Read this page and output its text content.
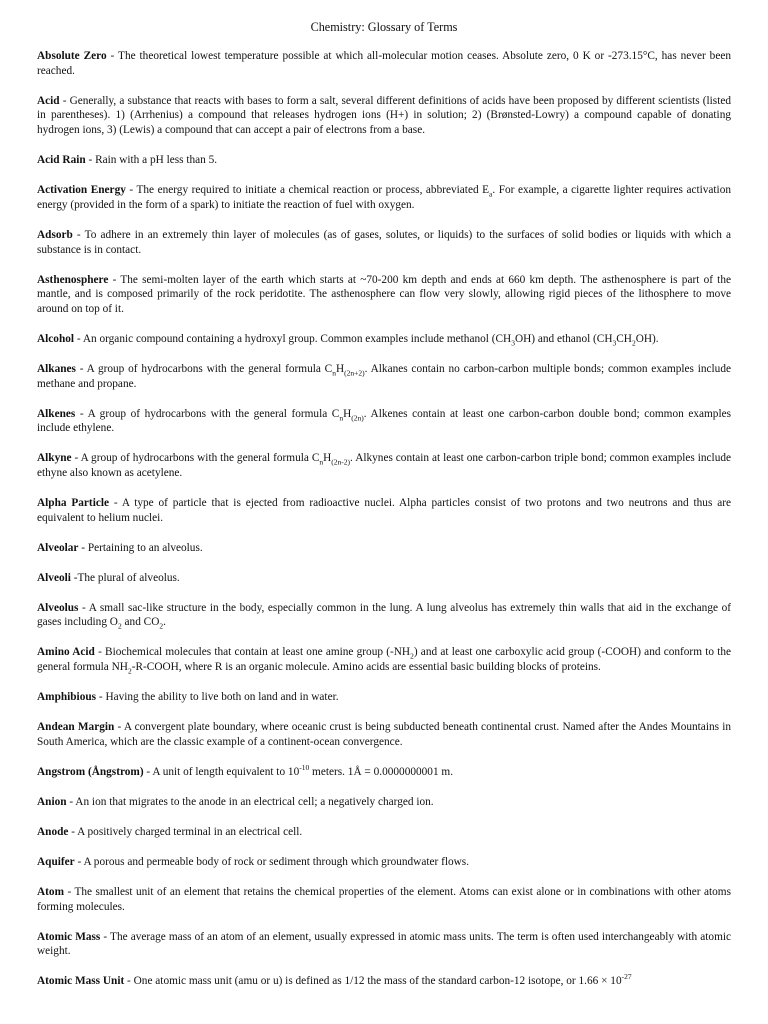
Chemistry: Glossary of Terms

Absolute Zero - The theoretical lowest temperature possible at which all-molecular motion ceases. Absolute zero, 0 K or -273.15°C, has never been reached.

Acid - Generally, a substance that reacts with bases to form a salt, several different definitions of acids have been proposed by different scientists (listed in parentheses). 1) (Arrhenius) a compound that releases hydrogen ions (H+) in solution; 2) (Brønsted-Lowry) a compound capable of donating hydrogen ions, 3) (Lewis) a compound that can accept a pair of electrons from a base.

Acid Rain - Rain with a pH less than 5.

Activation Energy - The energy required to initiate a chemical reaction or process, abbreviated $E_a$. For example, a cigarette lighter requires activation energy (provided in the form of a spark) to initiate the reaction of fuel with oxygen.

Adsorb - To adhere in an extremely thin layer of molecules (as of gases, solutes, or liquids) to the surfaces of solid bodies or liquids with which a substance is in contact.

Asthenosphere - The semi-molten layer of the earth which starts at ~70-200 km depth and ends at 660 km depth. The asthenosphere is part of the mantle, and is composed primarily of the rock peridotite. The asthenosphere can flow very slowly, allowing rigid pieces of the lithosphere to move around on top of it.

Alcohol - An organic compound containing a hydroxyl group. Common examples include methanol $(CH_3OH)$ and ethanol $(CH_3CH_2OH)$.

Alkanes - A group of hydrocarbons with the general formula $C_nH_{(2n+2)}$. Alkanes contain no carbon-carbon multiple bonds; common examples include methane and propane.

Alkenes - A group of hydrocarbons with the general formula $C_nH_{(2n)}$. Alkenes contain at least one carbon-carbon double bond; common examples include ethylene.

Alkyne - A group of hydrocarbons with the general formula $C_nH_{(2n-2)}$. Alkynes contain at least one carbon-carbon triple bond; common examples include ethyne also known as acetylene.

Alpha Particle - A type of particle that is ejected from radioactive nuclei. Alpha particles consist of two protons and two neutrons and thus are equivalent to helium nuclei.

Alveolar - Pertaining to an alveolus.

Alveoli -The plural of alveolus.

Alveolus - A small sac-like structure in the body, especially common in the lung. A lung alveolus has extremely thin walls that aid in the exchange of gases including $O_2$ and $CO_2$.

Amino Acid - Biochemical molecules that contain at least one amine group $(-NH_2)$ and at least one carboxylic acid group (-COOH) and conform to the general formula $NH_2-R$-COOH, where R is an organic molecule. Amino acids are essential basic building blocks of proteins.

Amphibious - Having the ability to live both on land and in water.

Andean Margin - A convergent plate boundary, where oceanic crust is being subducted beneath continental crust. Named after the Andes Mountains in South America, which are the classic example of a continent-ocean convergence.

Angstrom (Ångstrom) - A unit of length equivalent to $10^{-10}$ meters. 1Å = 0.0000000001 m.

Anion - An ion that migrates to the anode in an electrical cell; a negatively charged ion.

Anode - A positively charged terminal in an electrical cell.

Aquifer - A porous and permeable body of rock or sediment through which groundwater flows.

Atom - The smallest unit of an element that retains the chemical properties of the element. Atoms can exist alone or in combinations with other atoms forming molecules.

Atomic Mass - The average mass of an atom of an element, usually expressed in atomic mass units. The term is often used interchangeably with atomic weight.

Atomic Mass Unit - One atomic mass unit (amu or u) is defined as 1/12 the mass of the standard carbon-12 isotope, or $1.66 \times 10^{-27}$
